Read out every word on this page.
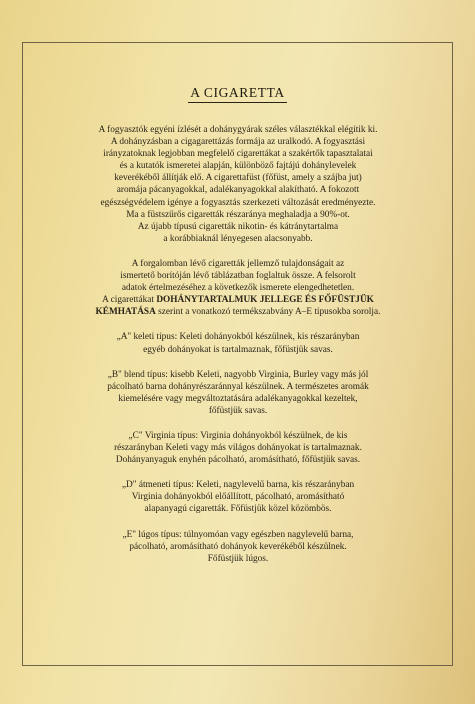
A CIGARETTA

A fogyasztók egyéni ízlését a dohánygyárak széles választékkal elégítik ki.
A dohányzásban a cigagarettázás formája az uralkodó. A fogyasztási
irányzatoknak legjobban megfelelő cigarettákat a szakértők tapasztalatai
és a kutatók ismeretei alapján, különböző fajtájú dohánylevelek
keverékéből állítják elő. A cigarettafüst (főfüst, amely a szájba jut)
aromája pácanyagokkal, adalékanyagokkal alakítható. A fokozott
egészségvédelem igénye a fogyasztás szerkezeti változását eredményezte.
Ma a füstszűrős cigaretták részaránya meghaladja a 90%-ot.
Az újabb típusú cigaretták nikotin- és kátránytartalma
a korábbiaknál lényegesen alacsonyabb.

A forgalomban lévő cigaretták jellemző tulajdonságait az
ismertető borítóján lévő táblázatban foglaltuk össze. A felsorolt
adatok értelmezéséhez a következők ismerete elengedhetetlen.
A cigarettákat DOHÁNYTARTALMUK JELLEGE ÉS FŐFÜSTJÜK
KÉMHATÁSA szerint a vonatkozó termékszabvány A–E típusokba sorolja.

„A" keleti típus: Keleti dohányokból készülnek, kis részarányban
egyéb dohányokat is tartalmaznak, főfüstjük savas.

„B" blend típus: kisebb Keleti, nagyobb Virginia, Burley vagy más jól
pácolható barna dohányrészaránnyal készülnek. A természetes aromák
kiemelésére vagy megváltoztatására adalékanyagokkal kezeltek,
főfüstjük savas.

„C" Virginia típus: Virginia dohányokból készülnek, de kis
részarányban Keleti vagy más világos dohányokat is tartalmaznak.
Dohányanyaguk enyhén pácolható, aromásítható, főfüstjük savas.

„D" átmeneti típus: Keleti, nagylevelű barna, kis részarányban
Virginia dohányokból előállított, pácolható, aromásítható
alapanyagú cigaretták. Főfüstjük közel közömbös.

„E" lúgos típus: túlnyomóan vagy egészben nagylevelű barna,
pácolható, aromásítható dohányok keverékéből készülnek.
Főfüstjük lúgos.
